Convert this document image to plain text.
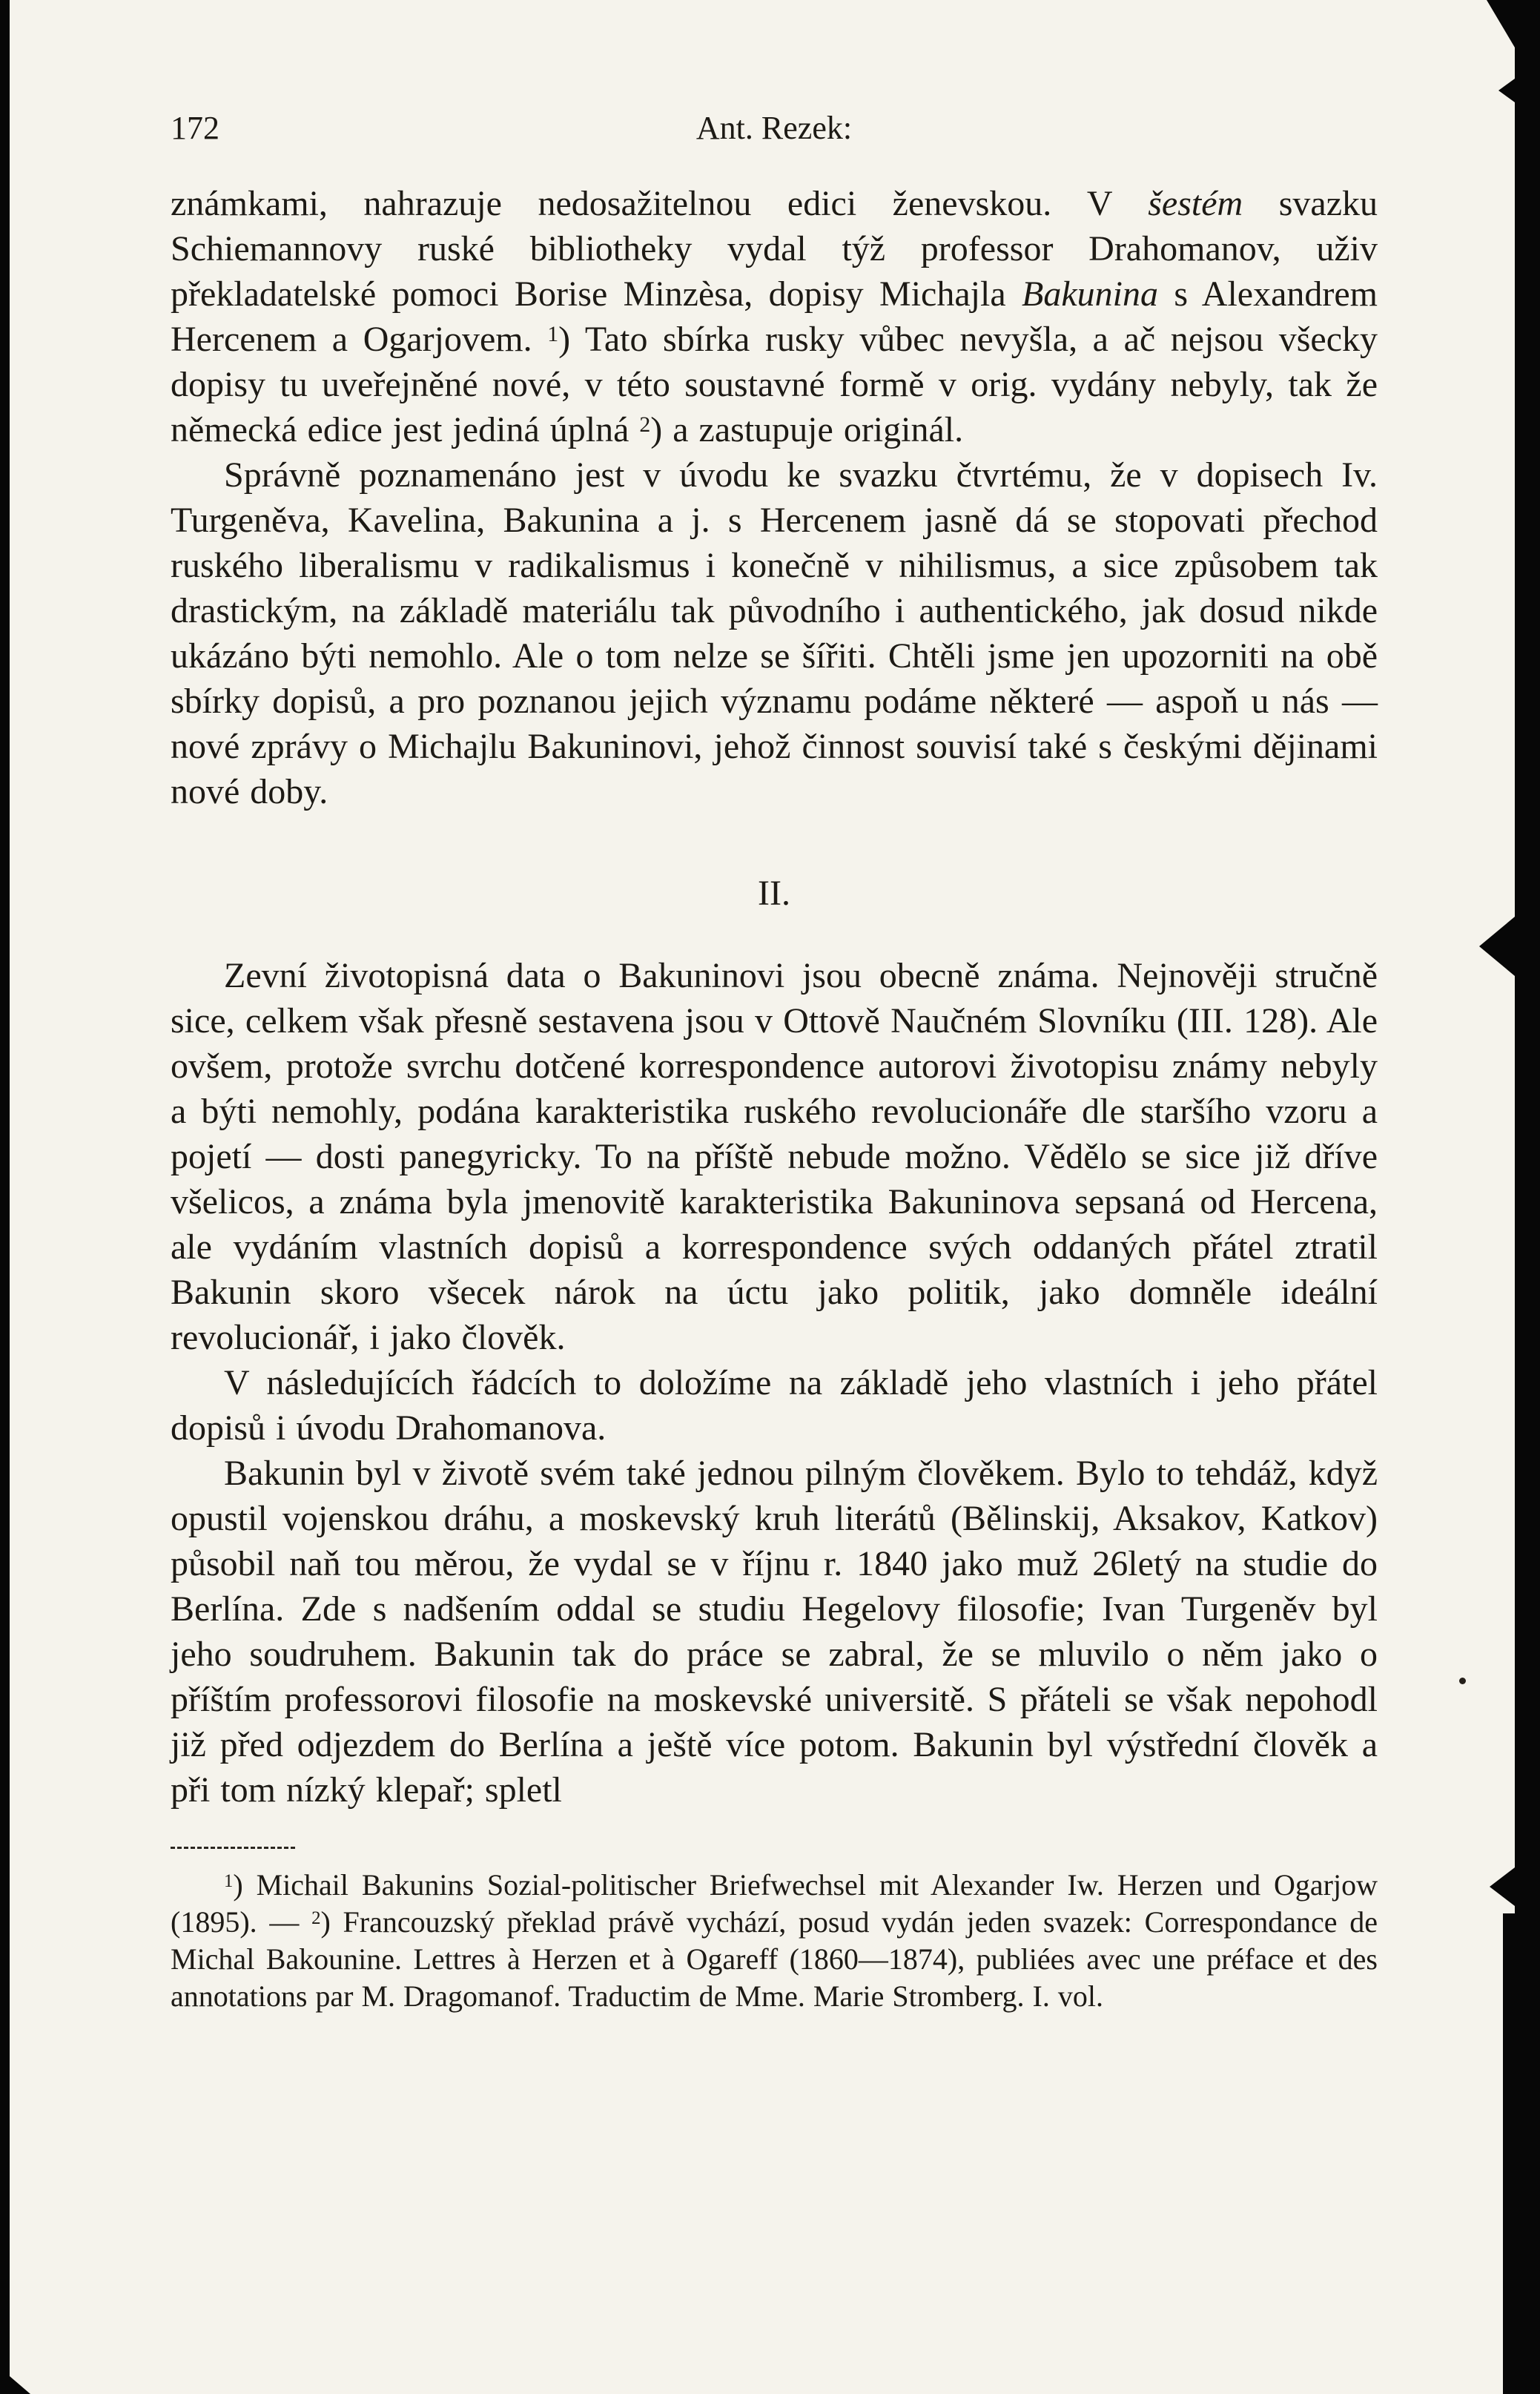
172	Ant. Rezek:

známkami, nahrazuje nedosažitelnou edici ženevskou. V šestém svazku Schiemannovy ruské bibliotheky vydal týž professor Drahomanov, uživ překladatelské pomoci Borise Minzèsa, dopisy Michajla Bakunina s Alexandrem Hercenem a Ogarjovem. $^1$) Tato sbírka rusky vůbec nevyšla, a ač nejsou všecky dopisy tu uveřejněné nové, v této soustavné formě v orig. vydány nebyly, tak že německá edice jest jediná úplná $^2$) a zastupuje originál.

Správně poznamenáno jest v úvodu ke svazku čtvrtému, že v dopisech Iv. Turgeněva, Kavelina, Bakunina a j. s Hercenem jasně dá se stopovati přechod ruského liberalismu v radikalismus i konečně v nihilismus, a sice způsobem tak drastickým, na základě materiálu tak původního i authentického, jak dosud nikde ukázáno býti nemohlo. Ale o tom nelze se šířiti. Chtěli jsme jen upozorniti na obě sbírky dopisů, a pro poznanou jejich významu podáme některé — aspoň u nás — nové zprávy o Michajlu Bakuninovi, jehož činnost souvisí také s českými dějinami nové doby.

II.

Zevní životopisná data o Bakuninovi jsou obecně známa. Nejnověji stručně sice, celkem však přesně sestavena jsou v Ottově Naučném Slovníku (III. 128). Ale ovšem, protože svrchu dotčené korrespondence autorovi životopisu známy nebyly a býti nemohly, podána karakteristika ruského revolucionáře dle staršího vzoru a pojetí — dosti panegyricky. To na příště nebude možno. Vědělo se sice již dříve všelicos, a známa byla jmenovitě karakteristika Bakuninova sepsaná od Hercena, ale vydáním vlastních dopisů a korrespondence svých oddaných přátel ztratil Bakunin skoro všecek nárok na úctu jako politik, jako domněle ideální revolucionář, i jako člověk.

V následujících řádcích to doložíme na základě jeho vlastních i jeho přátel dopisů i úvodu Drahomanova.

Bakunin byl v životě svém také jednou pilným člověkem. Bylo to tehdáž, když opustil vojenskou dráhu, a moskevský kruh literátů (Bělinskij, Aksakov, Katkov) působil naň tou měrou, že vydal se v říjnu r. 1840 jako muž 26letý na studie do Berlína. Zde s nadšením oddal se studiu Hegelovy filosofie; Ivan Turgeněv byl jeho soudruhem. Bakunin tak do práce se zabral, že se mluvilo o něm jako o příštím professorovi filosofie na moskevské universitě. S přáteli se však nepohodl již před odjezdem do Berlína a ještě více potom. Bakunin byl výstřední člověk a při tom nízký klepař; spletl

$^1$) Michail Bakunins Sozial-politischer Briefwechsel mit Alexander Iw. Herzen und Ogarjow (1895). — $^2$) Francouzský překlad právě vychází, posud vydán jeden svazek: Correspondance de Michal Bakounine. Lettres à Herzen et à Ogareff (1860—1874), publiées avec une préface et des annotations par M. Dragomanof. Traductim de Mme. Marie Stromberg. I. vol.
